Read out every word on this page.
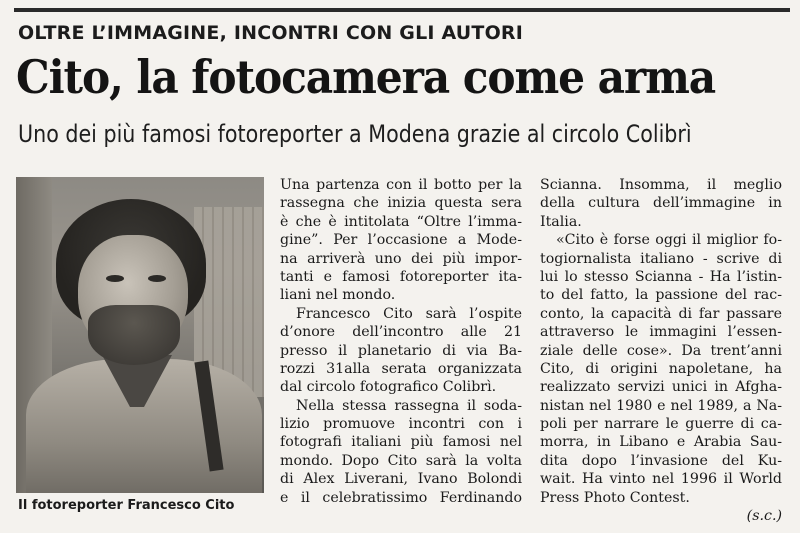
OLTRE L’IMMAGINE, INCONTRI CON GLI AUTORI
Cito, la fotocamera come arma
Uno dei più famosi fotoreporter a Modena grazie al circolo Colibrì
Il fotoreporter Francesco Cito
Una partenza con il botto per la
rassegna che inizia questa sera
è che è intitolata “Oltre l’imma-
gine”. Per l’occasione a Mode-
na arriverà uno dei più impor-
tanti e famosi fotoreporter ita-
liani nel mondo.
Francesco Cito sarà l’ospite
d’onore dell’incontro alle 21
presso il planetario di via Ba-
rozzi 31alla serata organizzata
dal circolo fotografico Colibrì.
Nella stessa rassegna il soda-
lizio promuove incontri con i
fotografi italiani più famosi nel
mondo. Dopo Cito sarà la volta
di Alex Liverani, Ivano Bolondi
e il celebratissimo Ferdinando
Scianna. Insomma, il meglio
della cultura dell’immagine in
Italia.
«Cito è forse oggi il miglior fo-
togiornalista italiano - scrive di
lui lo stesso Scianna - Ha l’istin-
to del fatto, la passione del rac-
conto, la capacità di far passare
attraverso le immagini l’essen-
ziale delle cose». Da trent’anni
Cito, di origini napoletane, ha
realizzato servizi unici in Afgha-
nistan nel 1980 e nel 1989, a Na-
poli per narrare le guerre di ca-
morra, in Libano e Arabia Sau-
dita dopo l’invasione del Ku-
wait. Ha vinto nel 1996 il World
Press Photo Contest.
(s.c.)
